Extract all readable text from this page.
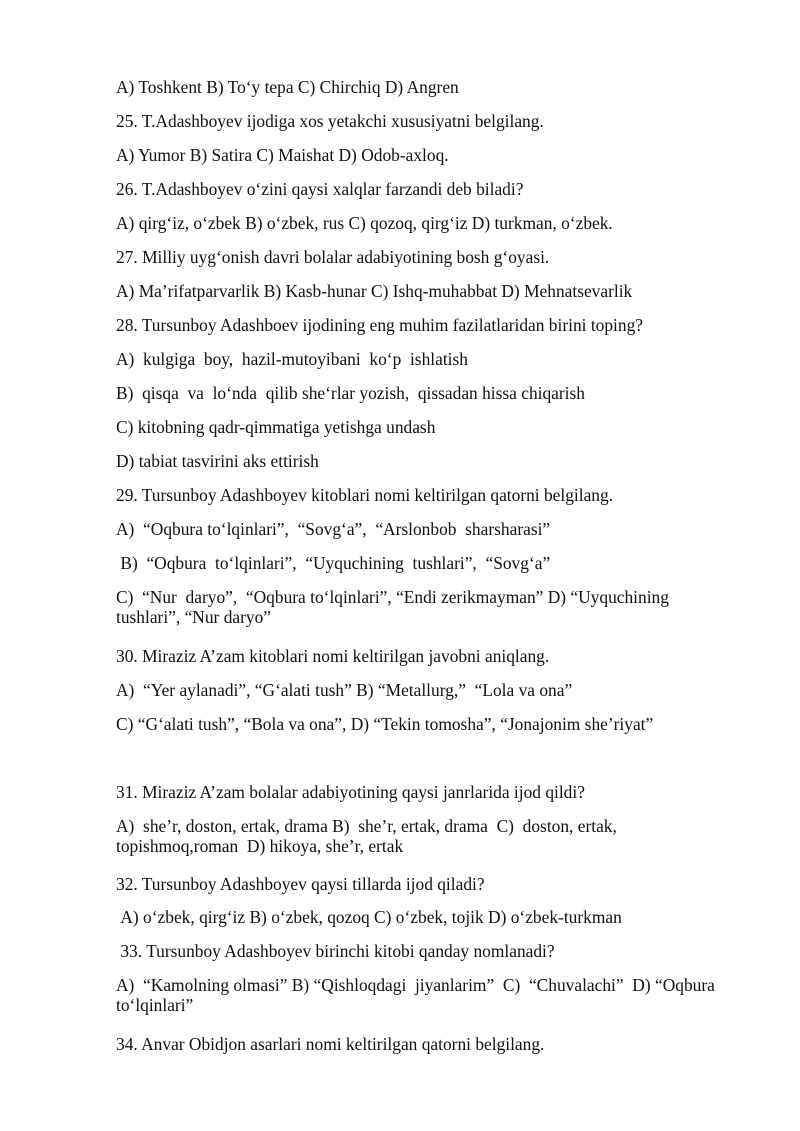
A) Toshkent B) To‘y tepa C) Chirchiq D) Angren
25. T.Adashboyev ijodiga xos yetakchi xususiyatni belgilang.
A) Yumor B) Satira C) Maishat D) Odob-axloq.
26. T.Adashboyev o‘zini qaysi xalqlar farzandi deb biladi?
A) qirg‘iz, o‘zbek B) o‘zbek, rus C) qozoq, qirg‘iz D) turkman, o‘zbek.
27. Milliy uyg‘onish davri bolalar adabiyotining bosh g‘oyasi.
A) Ma’rifatparvarlik B) Kasb-hunar C) Ishq-muhabbat D) Mehnatsevarlik
28. Tursunboy Adashboev ijodining eng muhim fazilatlaridan birini toping?
A)  kulgiga  boy,  hazil-mutoyibani  ko‘p  ishlatish
B)  qisqa  va  lo‘nda  qilib she‘rlar yozish,  qissadan hissa chiqarish
C) kitobning qadr-qimmatiga yetishga undash
D) tabiat tasvirini aks ettirish
29. Tursunboy Adashboyev kitoblari nomi keltirilgan qatorni belgilang.
A)  “Oqbura to‘lqinlari”,  “Sovg‘a”,  “Arslonbob  sharsharasi”
B)  “Oqbura  to‘lqinlari”,  “Uyquchining  tushlari”,  “Sovg‘a”
C)  “Nur  daryo”,  “Oqbura to‘lqinlari”, “Endi zerikmayman” D) “Uyquchining tushlari”, “Nur daryo”
30. Miraziz A’zam kitoblari nomi keltirilgan javobni aniqlang.
A)  “Yer aylanadi”, “G‘alati tush” B) “Metallurg,”  “Lola va ona”
C) “G‘alati tush”, “Bola va ona”, D) “Tekin tomosha”, “Jonajonim she’riyat”
31. Miraziz A’zam bolalar adabiyotining qaysi janrlarida ijod qildi?
A)  she’r, doston, ertak, drama B)  she’r, ertak, drama  C)  doston, ertak, topishmoq,roman  D) hikoya, she’r, ertak
32. Tursunboy Adashboyev qaysi tillarda ijod qiladi?
A) o‘zbek, qirg‘iz B) o‘zbek, qozoq C) o‘zbek, tojik D) o‘zbek-turkman
33. Tursunboy Adashboyev birinchi kitobi qanday nomlanadi?
A)  “Kamolning olmasi” B) “Qishloqdagi  jiyanlarim”  C)  “Chuvalachi”  D) “Oqbura  to‘lqinlari”
34. Anvar Obidjon asarlari nomi keltirilgan qatorni belgilang.
